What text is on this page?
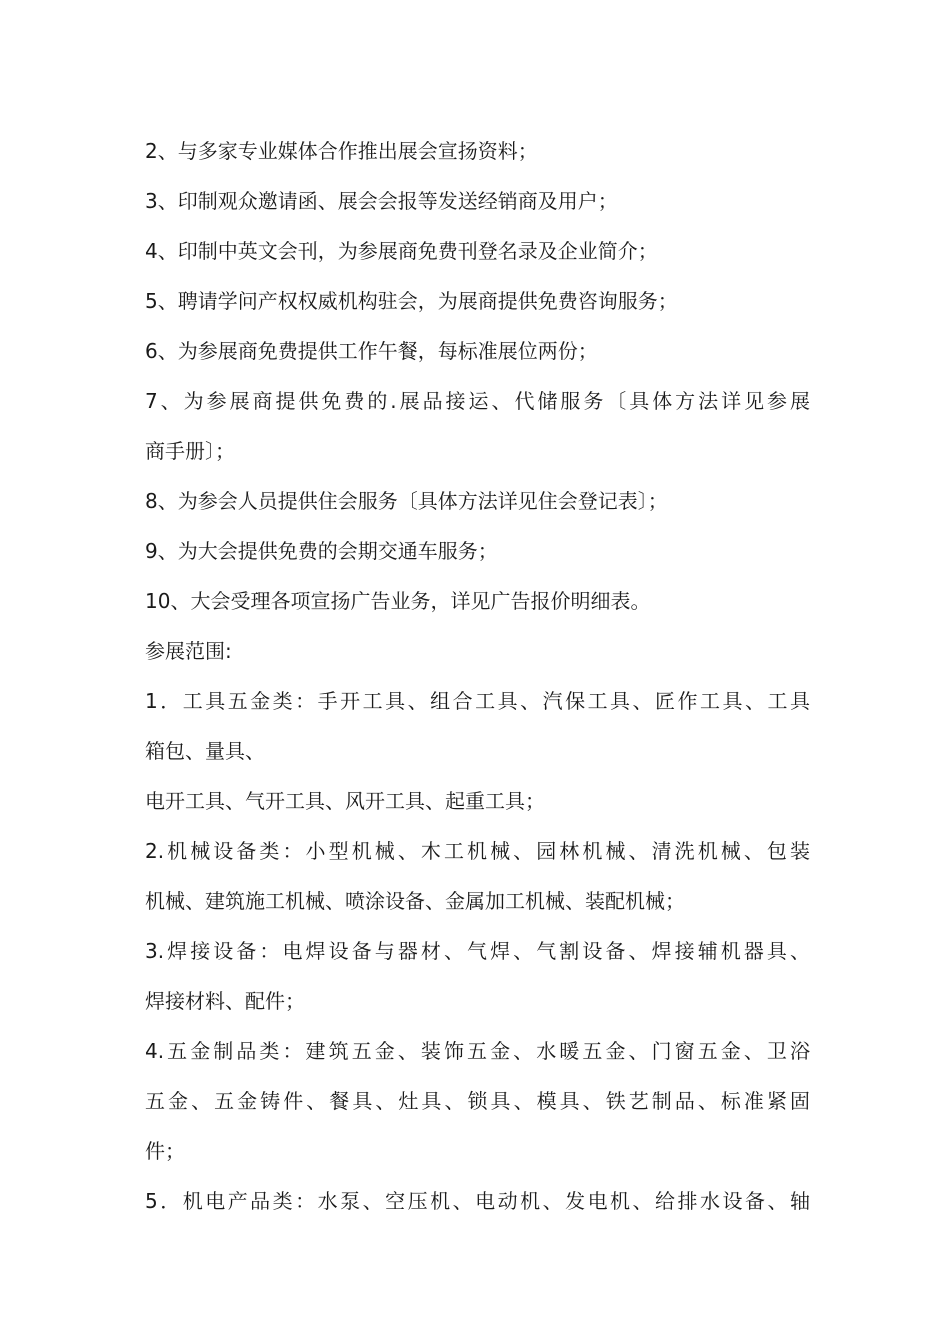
2、与多家专业媒体合作推出展会宣扬资料；
3、印制观众邀请函、展会会报等发送经销商及用户；
4、印制中英文会刊，为参展商免费刊登名录及企业简介；
5、聘请学问产权权威机构驻会，为展商提供免费咨询服务；
6、为参展商免费提供工作午餐，每标准展位两份；
7、为参展商提供免费的.展品接运、代储服务〔具体方法详见参展
商手册〕；
8、为参会人员提供住会服务〔具体方法详见住会登记表〕；
9、为大会提供免费的会期交通车服务；
10、大会受理各项宣扬广告业务，详见广告报价明细表。
参展范围:
1．工具五金类：手开工具、组合工具、汽保工具、匠作工具、工具
箱包、量具、
电开工具、气开工具、风开工具、起重工具；
2.机械设备类：小型机械、木工机械、园林机械、清洗机械、包装
机械、建筑施工机械、喷涂设备、金属加工机械、装配机械；
3.焊接设备：电焊设备与器材、气焊、气割设备、焊接辅机器具、
焊接材料、配件；
4.五金制品类：建筑五金、装饰五金、水暖五金、门窗五金、卫浴
五金、五金铸件、餐具、灶具、锁具、模具、铁艺制品、标准紧固
件；
5．机电产品类：水泵、空压机、电动机、发电机、给排水设备、轴
